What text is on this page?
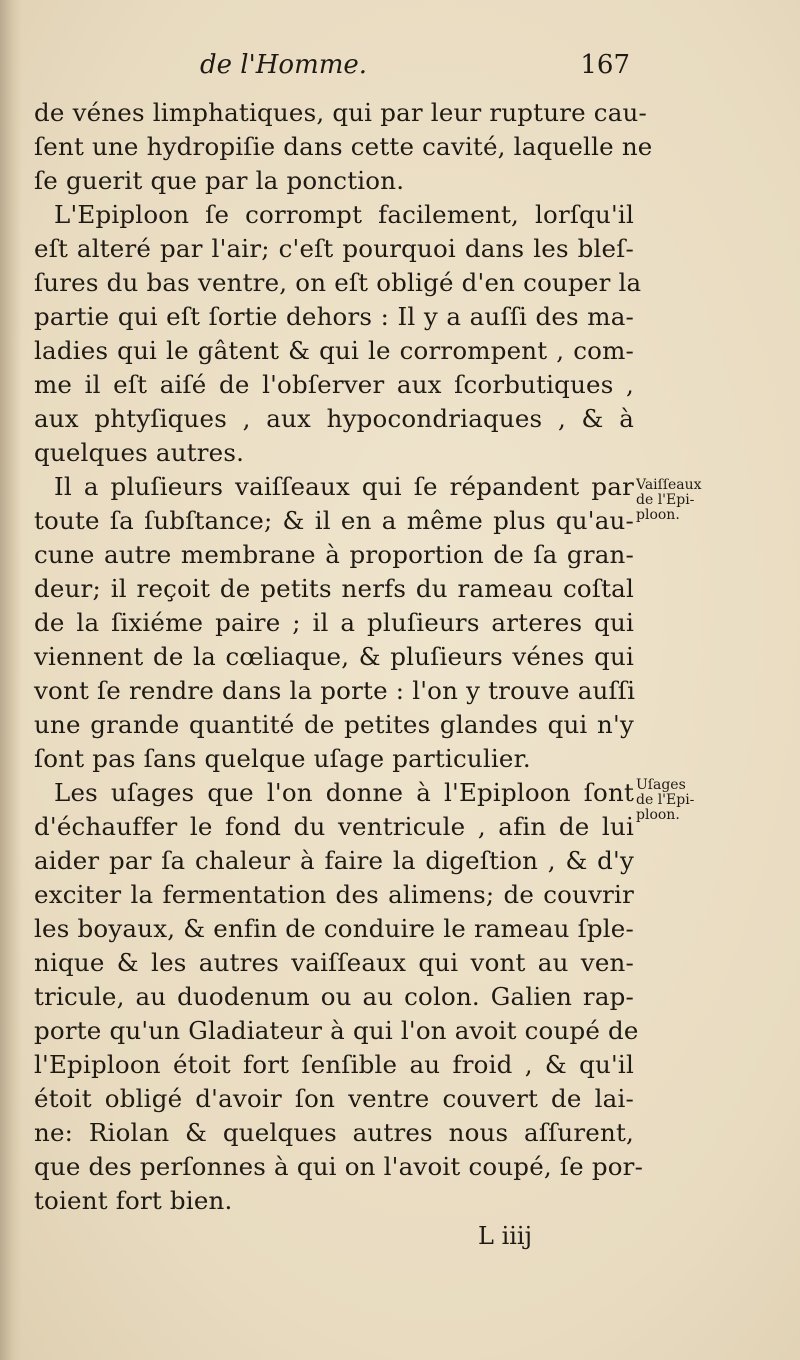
de l'Homme.	167
de vénes limphatiques, qui par leur rupture cau-
ſent une hydropiſie dans cette cavité, laquelle ne
ſe guerit que par la ponction.
L'Epiploon ſe corrompt facilement, lorſqu'il
eſt alteré par l'air; c'eſt pourquoi dans les bleſ-
ſures du bas ventre, on eſt obligé d'en couper la
partie qui eſt ſortie dehors : Il y a auſſi des ma-
ladies qui le gâtent & qui le corrompent , com-
me il eſt aiſé de l'obſerver aux ſcorbutiques ,
aux phtyſiques , aux hypocondriaques , & à
quelques autres.
Il a pluſieurs vaiſſeaux qui ſe répandent par
toute ſa ſubſtance; & il en a même plus qu'au-
cune autre membrane à proportion de ſa gran-
deur; il reçoit de petits nerfs du rameau coſtal
de la ſixiéme paire ; il a pluſieurs arteres qui
viennent de la cœliaque, & pluſieurs vénes qui
vont ſe rendre dans la porte : l'on y trouve auſſi
une grande quantité de petites glandes qui n'y
ſont pas ſans quelque uſage particulier.
Les uſages que l'on donne à l'Epiploon ſont
d'échauffer le fond du ventricule , afin de lui
aider par ſa chaleur à faire la digeſtion , & d'y
exciter la fermentation des alimens; de couvrir
les boyaux, & enfin de conduire le rameau ſple-
nique & les autres vaiſſeaux qui vont au ven-
tricule, au duodenum ou au colon. Galien rap-
porte qu'un Gladiateur à qui l'on avoit coupé de
l'Epiploon étoit fort ſenſible au froid , & qu'il
étoit obligé d'avoir ſon ventre couvert de lai-
ne: Riolan & quelques autres nous aſſurent,
que des perſonnes à qui on l'avoit coupé, ſe por-
toient fort bien.
Vaiſſeaux
de l'Epi-
ploon.
Uſages
de l'Epi-
ploon.
L iiij
